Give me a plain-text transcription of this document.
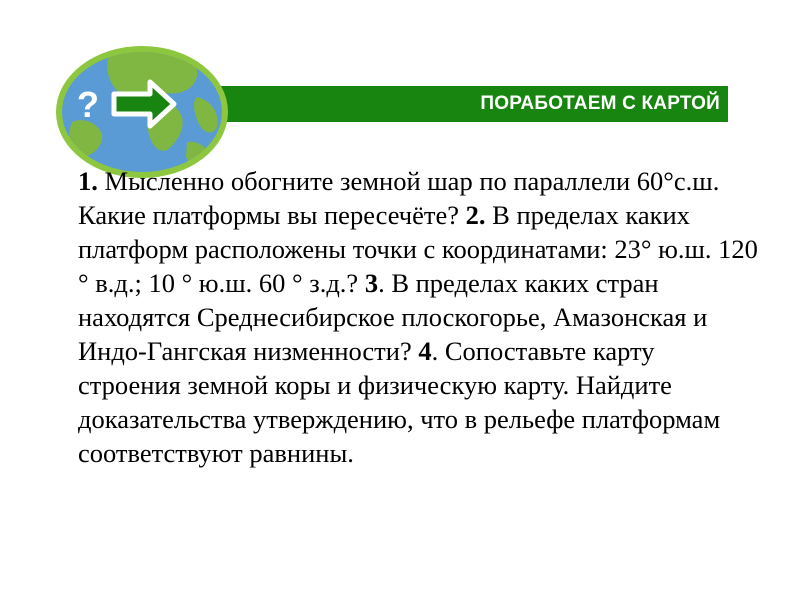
ПОРАБОТАЕМ С КАРТОЙ
?

1. Мысленно обогните земной шар по параллели 60°с.ш. Какие платформы вы пересечёте? 2. В пределах каких платформ расположены точки с координатами: 23° ю.ш. 120 ° в.д.; 10 ° ю.ш. 60 ° з.д.? 3. В пределах каких стран находятся Среднесибирское плоскогорье, Амазонская и Индо-Гангская низменности? 4. Сопоставьте карту строения земной коры и физическую карту. Найдите доказательства утверждению, что в рельефе платформам соответствуют равнины.
